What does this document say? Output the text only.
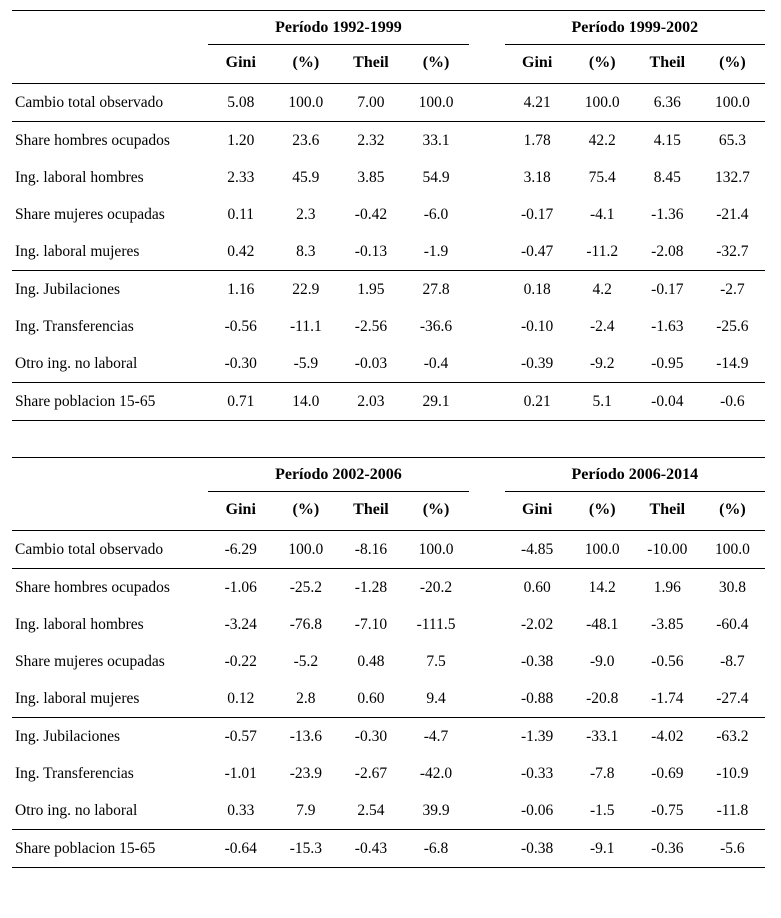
	Período 1992-1999					Período 1999-2002			
	Gini	(%)	Theil	(%)		Gini	(%)	Theil	(%)
Cambio total observado	5.08	100.0	7.00	100.0		4.21	100.0	6.36	100.0
Share hombres ocupados	1.20	23.6	2.32	33.1		1.78	42.2	4.15	65.3
Ing. laboral hombres	2.33	45.9	3.85	54.9		3.18	75.4	8.45	132.7
Share mujeres ocupadas	0.11	2.3	-0.42	-6.0		-0.17	-4.1	-1.36	-21.4
Ing. laboral mujeres	0.42	8.3	-0.13	-1.9		-0.47	-11.2	-2.08	-32.7
Ing. Jubilaciones	1.16	22.9	1.95	27.8		0.18	4.2	-0.17	-2.7
Ing. Transferencias	-0.56	-11.1	-2.56	-36.6		-0.10	-2.4	-1.63	-25.6
Otro ing. no laboral	-0.30	-5.9	-0.03	-0.4		-0.39	-9.2	-0.95	-14.9
Share poblacion 15-65	0.71	14.0	2.03	29.1		0.21	5.1	-0.04	-0.6
	Período 2002-2006					Período 2006-2014			
	Gini	(%)	Theil	(%)		Gini	(%)	Theil	(%)
Cambio total observado	-6.29	100.0	-8.16	100.0		-4.85	100.0	-10.00	100.0
Share hombres ocupados	-1.06	-25.2	-1.28	-20.2		0.60	14.2	1.96	30.8
Ing. laboral hombres	-3.24	-76.8	-7.10	-111.5		-2.02	-48.1	-3.85	-60.4
Share mujeres ocupadas	-0.22	-5.2	0.48	7.5		-0.38	-9.0	-0.56	-8.7
Ing. laboral mujeres	0.12	2.8	0.60	9.4		-0.88	-20.8	-1.74	-27.4
Ing. Jubilaciones	-0.57	-13.6	-0.30	-4.7		-1.39	-33.1	-4.02	-63.2
Ing. Transferencias	-1.01	-23.9	-2.67	-42.0		-0.33	-7.8	-0.69	-10.9
Otro ing. no laboral	0.33	7.9	2.54	39.9		-0.06	-1.5	-0.75	-11.8
Share poblacion 15-65	-0.64	-15.3	-0.43	-6.8		-0.38	-9.1	-0.36	-5.6
